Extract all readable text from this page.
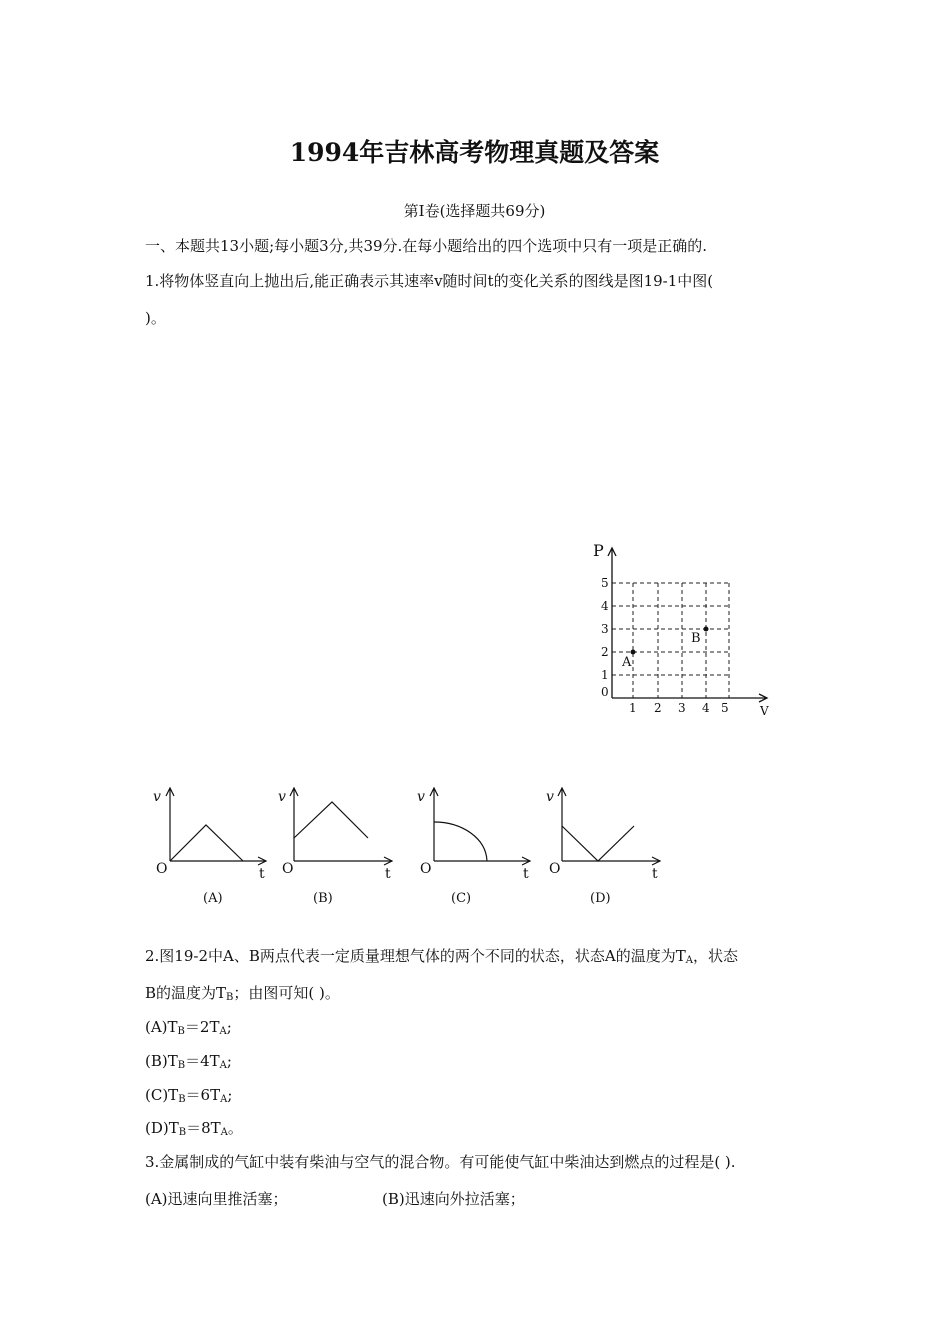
1994年吉林高考物理真题及答案
第Ⅰ卷(选择题共69分)
一、本题共13小题;每小题3分,共39分.在每小题给出的四个选项中只有一项是正确的.
1.将物体竖直向上抛出后,能正确表示其速率v随时间t的变化关系的图线是图19-1中图(
)。
P
V
0
1
2
3
4
5
1 2 3 4 5
A
B
v
t
O
(A)
v
t
O
(B)
v
t
O
(C)
v
t
O
(D)
2.图19-2中A、B两点代表一定质量理想气体的两个不同的状态，状态A的温度为$T_A$，状态
B的温度为$T_B$；由图可知( )。
$(A)T_B=2T_A$;
$(B)T_B=4T_A$;
$(C)T_B=6T_A$;
$(D)T_B=8T_A$。
3.金属制成的气缸中装有柴油与空气的混合物。有可能使气缸中柴油达到燃点的过程是( ).
(A)迅速向里推活塞；	(B)迅速向外拉活塞；
